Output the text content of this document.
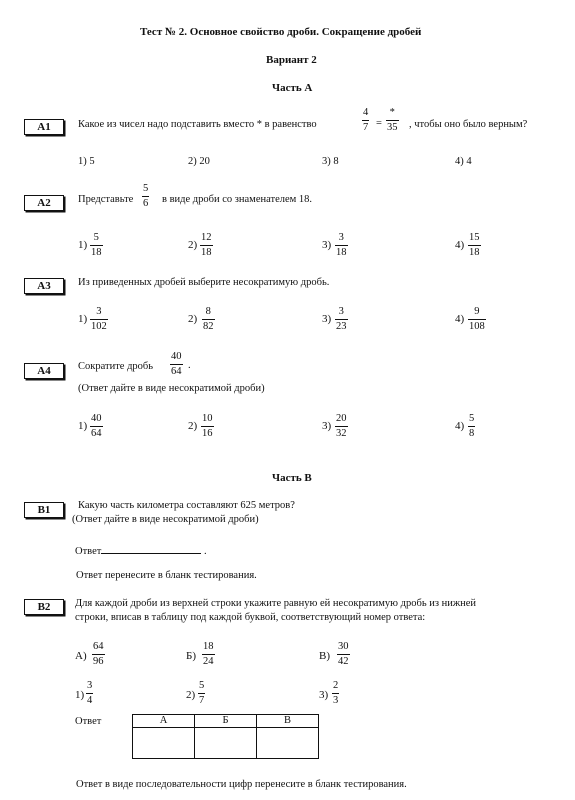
Тест № 2. Основное свойство дроби. Сокращение дробей
Вариант 2
Часть А
А1	Какое из чисел надо подставить вместо * в равенство	$\frac{4}{7}$ =
*
35 , чтобы оно было верным?
1) 5	2) 20	3) 8	4) 4
А2	Представьте $\frac{5}{6}$ в виде дроби со знаменателем 18.
$1) \frac{5}{18}$	$2) \frac{12}{18}$	$3) \frac{3}{18}$	$4) \frac{15}{18}$
А3	Из приведенных дробей выберите несократимую дробь.
$1) \frac{3}{102}$	$2) \frac{8}{82}$	$3) \frac{3}{23}$	$4) \frac{9}{108}$
А4	Сократите дробь $\frac{40}{64}$ .
(Ответ дайте в виде несократимой дроби)
$1) \frac{40}{64}$	$2) \frac{10}{16}$	$3) \frac{20}{32}$	$4) \frac{5}{8}$
Часть В
В1	Какую часть километра составляют 625 метров?
(Ответ дайте в виде несократимой дроби)
Ответ	.
Ответ перенесите в бланк тестирования.
В2	Для каждой дроби из верхней строки укажите равную ей несократимую дробь из нижней
строки, вписав в таблицу под каждой буквой, соответствующий номер ответа:
$А) \frac{64}{96}$	$Б) \frac{18}{24}$	$В) \frac{30}{42}$
$1) \frac{3}{4}$	$2) \frac{5}{7}$	$3) \frac{2}{3}$
Ответ	А	Б	В

Ответ в виде последовательности цифр перенесите в бланк тестирования.
